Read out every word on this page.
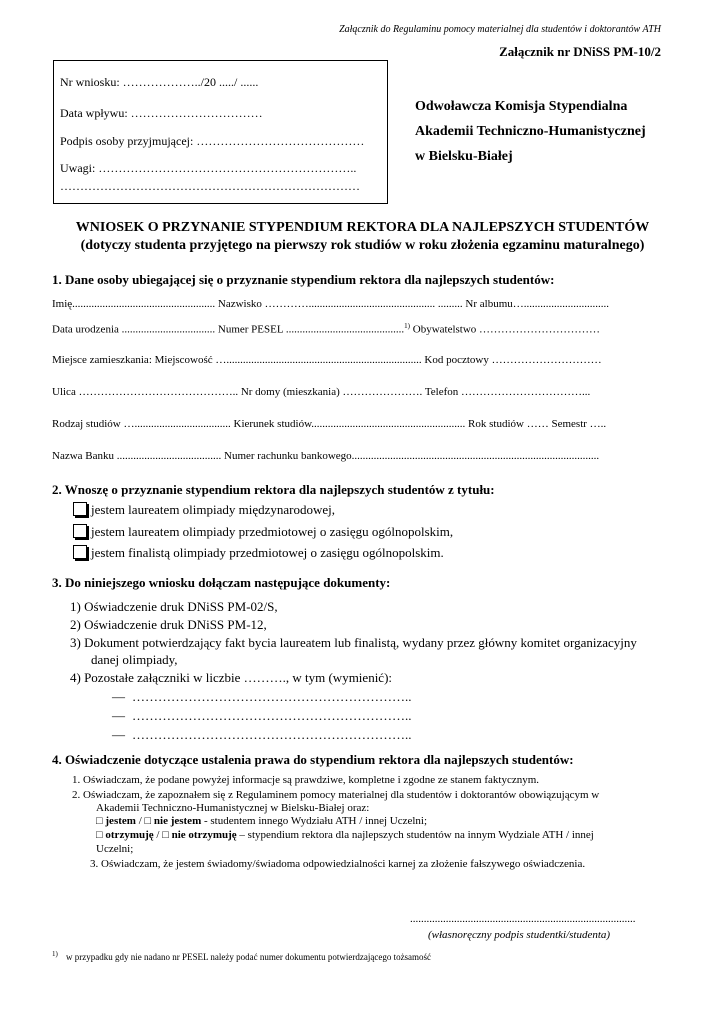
Załącznik do Regulaminu pomocy materialnej dla studentów i doktorantów ATH
Załącznik nr DNiSS PM-10/2
Nr wniosku: ………………../20 ...../ ......
Data wpływu: ……………………………
Podpis osoby przyjmującej: ……………………………………
Uwagi: ………………………………………………………..
…………………………………………………………………
Odwoławcza Komisja Stypendialna
Akademii Techniczno-Humanistycznej
w Bielsku-Białej
WNIOSEK O PRZYNANIE STYPENDIUM REKTORA DLA NAJLEPSZYCH STUDENTÓW
(dotyczy studenta przyjętego na pierwszy rok studiów w roku złożenia egzaminu maturalnego)
1. Dane osoby ubiegającej się o przyznanie stypendium rektora dla najlepszych studentów:
Imię.................................................... Nazwisko ………….............................................. ......... Nr albumu…...............................
Data urodzenia .................................. Numer PESEL ...........................................$^{1)}$ Obywatelstwo ……………………………
Miejsce zamieszkania: Miejscowość …....................................................................... Kod pocztowy …………………………
Ulica …………………………………….. Nr domy (mieszkania) …………………. Telefon ……………………………...
Rodzaj studiów …................................... Kierunek studiów........................................................ Rok studiów …… Semestr …..
Nazwa Banku ...................................... Numer rachunku bankowego..........................................................................................
2. Wnoszę o przyznanie stypendium rektora dla najlepszych studentów z tytułu:
jestem laureatem olimpiady międzynarodowej,
jestem laureatem olimpiady przedmiotowej o zasięgu ogólnopolskim,
jestem finalistą olimpiady przedmiotowej o zasięgu ogólnopolskim.
3. Do niniejszego wniosku dołączam następujące dokumenty:
1) Oświadczenie druk DNiSS PM-02/S,
2) Oświadczenie druk DNiSS PM-12,
3) Dokument potwierdzający fakt bycia laureatem lub finalistą, wydany przez główny komitet organizacyjny
danej olimpiady,
4) Pozostałe załączniki w liczbie ………., w tym (wymienić):
— ………………………………………………………..
— ………………………………………………………..
— ………………………………………………………..
4. Oświadczenie dotyczące ustalenia prawa do stypendium rektora dla najlepszych studentów:
1. Oświadczam, że podane powyżej informacje są prawdziwe, kompletne i zgodne ze stanem faktycznym.
2. Oświadczam, że zapoznałem się z Regulaminem pomocy materialnej dla studentów i doktorantów obowiązującym w
Akademii Techniczno-Humanistycznej w Bielsku-Białej oraz:
□ jestem / □ nie jestem - studentem innego Wydziału ATH / innej Uczelni;
□ otrzymuję / □ nie otrzymuję – stypendium rektora dla najlepszych studentów na innym Wydziale ATH / innej
Uczelni;
3. Oświadczam, że jestem świadomy/świadoma odpowiedzialności karnej za złożenie fałszywego oświadczenia.
..................................................................................
(własnoręczny podpis studentki/studenta)
1) w przypadku gdy nie nadano nr PESEL należy podać numer dokumentu potwierdzającego tożsamość
